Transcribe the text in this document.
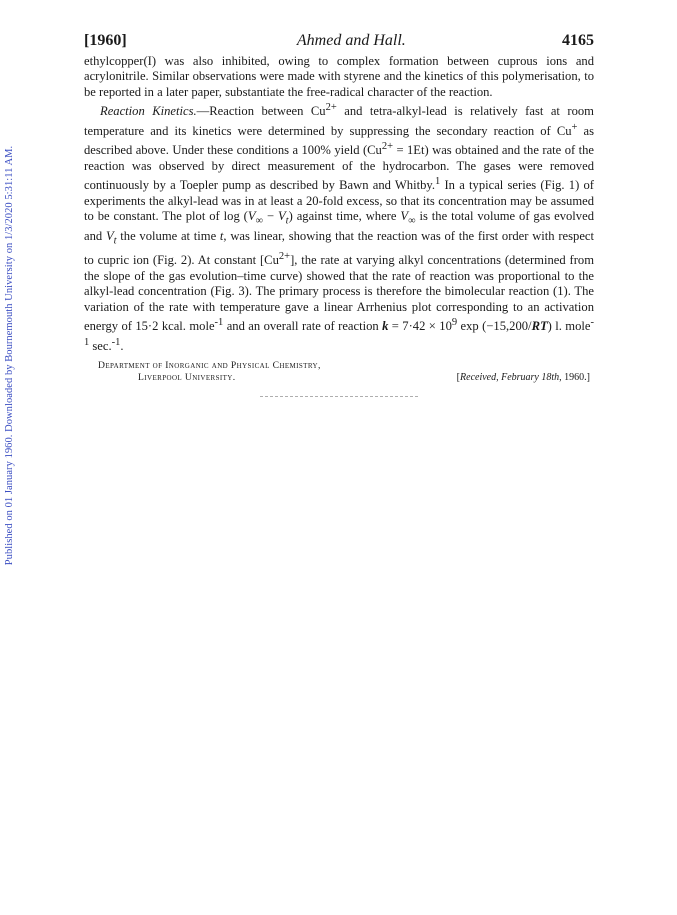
Published on 01 January 1960. Downloaded by Bournemouth University on 1/3/2020 5:31:11 AM.
[1960]	Ahmed and Hall.	4165

ethylcopper(I) was also inhibited, owing to complex formation between cuprous ions and acrylonitrile. Similar observations were made with styrene and the kinetics of this polymerisation, to be reported in a later paper, substantiate the free-radical character of the reaction.

Reaction Kinetics.—Reaction between $Cu^{2+}$ and tetra-alkyl-lead is relatively fast at room temperature and its kinetics were determined by suppressing the secondary reaction of Cu+ as described above. Under these conditions a 100% yield $(Cu^{2+} = 1Et)$ was obtained and the rate of the reaction was observed by direct measurement of the hydrocarbon. The gases were removed continuously by a Toepler pump as described by Bawn and Whitby.$^1$ In a typical series (Fig. 1) of experiments the alkyl-lead was in at least a 20-fold excess, so that its concentration may be assumed to be constant. The plot of $\log (V_\infty - V_t)$ against time, where $V_\infty$ is the total volume of gas evolved and $V_t$ the volume at time t, was linear, showing that the reaction was of the first order with respect to cupric ion (Fig. 2). At constant $[Cu^{2+}]$, the rate at varying alkyl concentrations (determined from the slope of the gas evolution–time curve) showed that the rate of reaction was proportional to the alkyl-lead concentration (Fig. 3). The primary process is therefore the bimolecular reaction (1). The variation of the rate with temperature gave a linear Arrhenius plot corresponding to an activation energy of 15·2 kcal. mole$^{-1}$ and an overall rate of reaction $k = 7\cdot 42 \times 10^9$ exp (−15,200/RT) l. mole$^{-1}$ sec.$^{-1}$.

Department of Inorganic and Physical Chemistry,
Liverpool University.	[Received, February 18th, 1960.]
